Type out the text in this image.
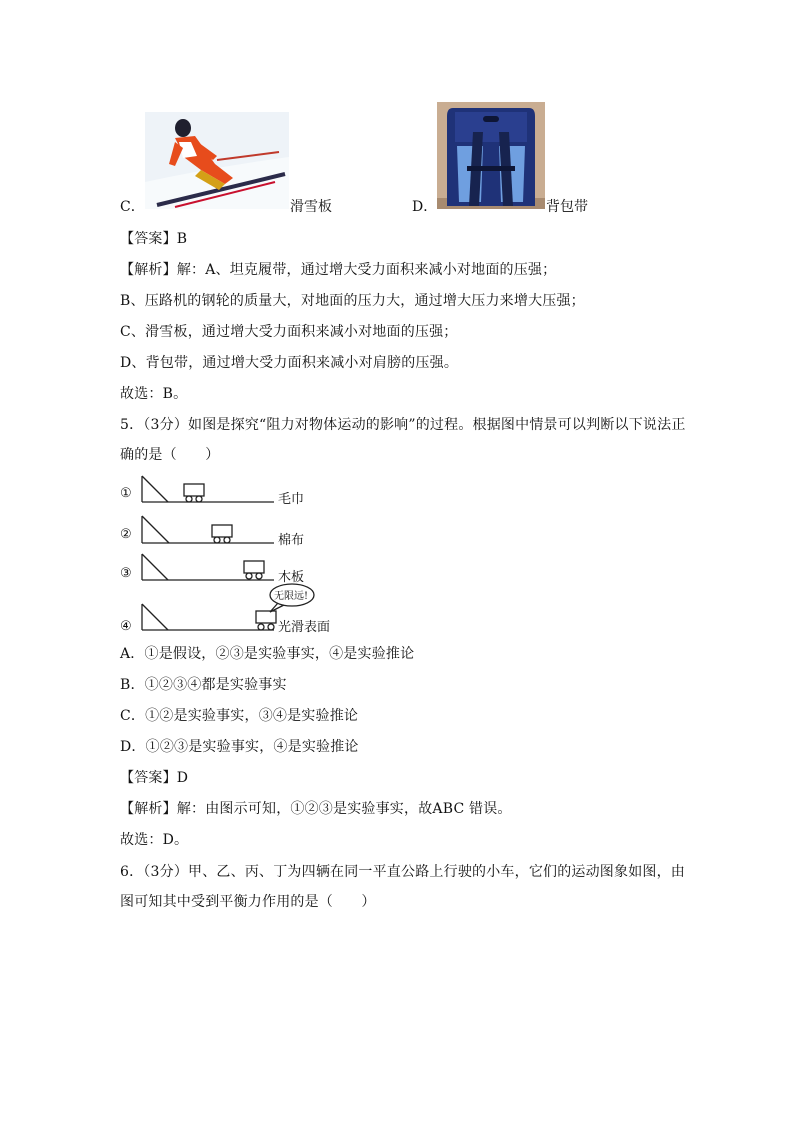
C．	滑雪板	D．	背包带
【答案】B
【解析】解：A、坦克履带，通过增大受力面积来减小对地面的压强；
B、压路机的钢轮的质量大，对地面的压力大，通过增大压力来增大压强；
C、滑雪板，通过增大受力面积来减小对地面的压强；
D、背包带，通过增大受力面积来减小对肩膀的压强。
故选：B。
5．（3分）如图是探究“阻力对物体运动的影响”的过程。根据图中情景可以判断以下说法正
确的是（　　）
①
②
③
④
毛巾
棉布
木板
光滑表面
无限远!
A．①是假设，②③是实验事实，④是实验推论
B．①②③④都是实验事实
C．①②是实验事实，③④是实验推论
D．①②③是实验事实，④是实验推论
【答案】D
【解析】解：由图示可知，①②③是实验事实，故ABC 错误。
故选：D。
6．（3分）甲、乙、丙、丁为四辆在同一平直公路上行驶的小车，它们的运动图象如图，由
图可知其中受到平衡力作用的是（　　）
